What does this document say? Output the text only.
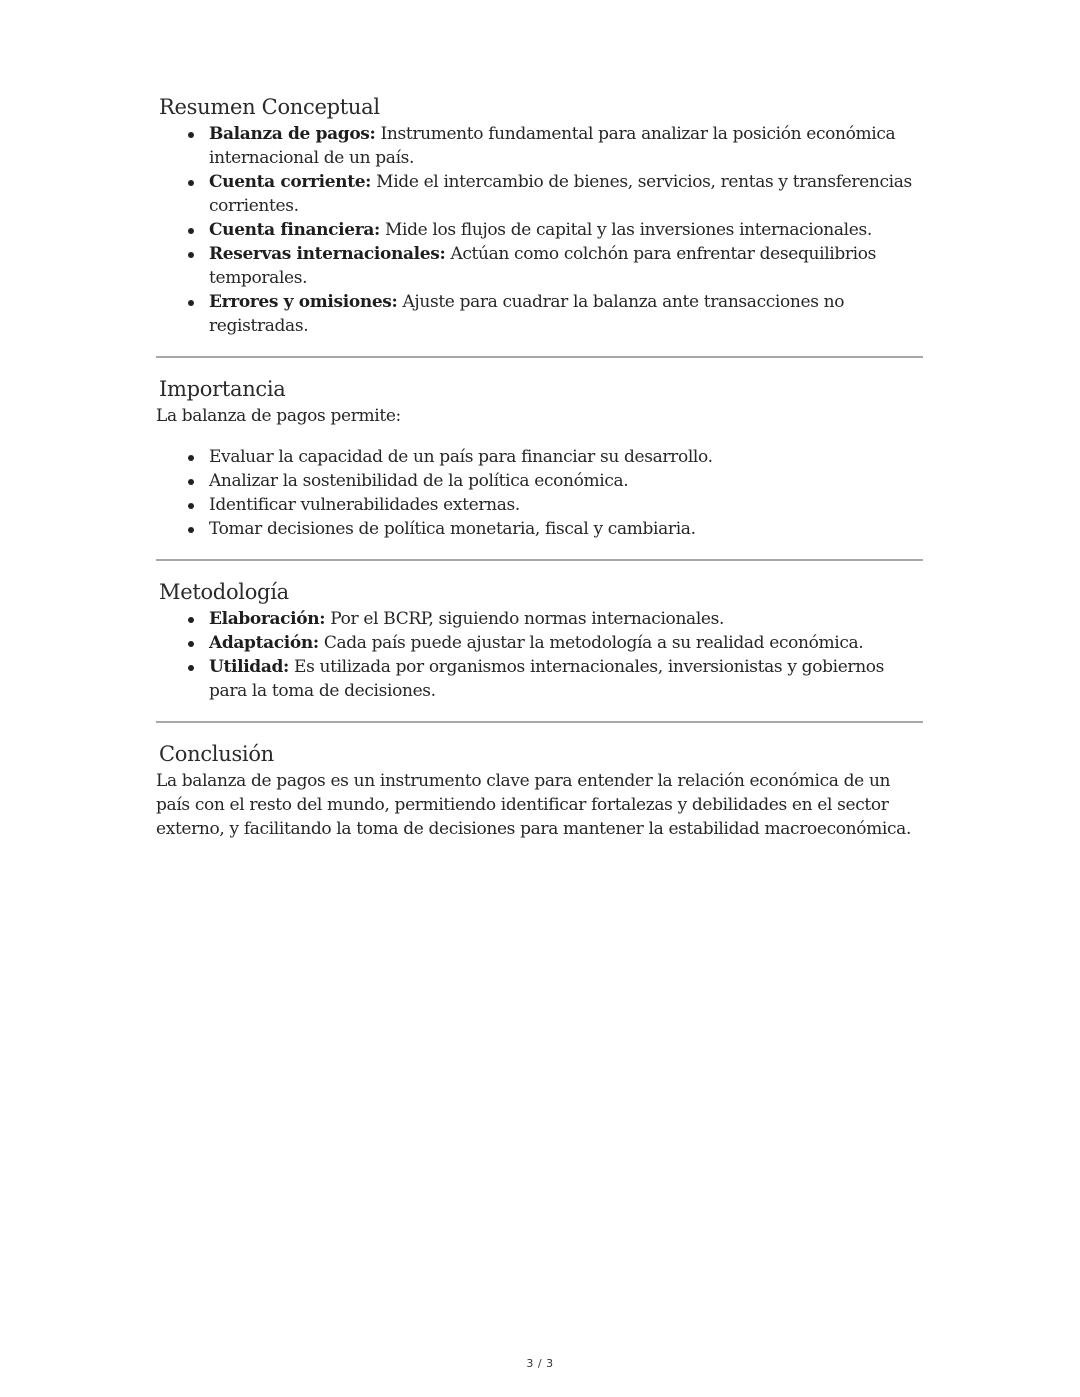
Resumen Conceptual
Balanza de pagos: Instrumento fundamental para analizar la posición económica internacional de un país.
Cuenta corriente: Mide el intercambio de bienes, servicios, rentas y transferencias corrientes.
Cuenta financiera: Mide los flujos de capital y las inversiones internacionales.
Reservas internacionales: Actúan como colchón para enfrentar desequilibrios temporales.
Errores y omisiones: Ajuste para cuadrar la balanza ante transacciones no registradas.
Importancia

La balanza de pagos permite:

Evaluar la capacidad de un país para financiar su desarrollo.
Analizar la sostenibilidad de la política económica.
Identificar vulnerabilidades externas.
Tomar decisiones de política monetaria, fiscal y cambiaria.
Metodología
Elaboración: Por el BCRP, siguiendo normas internacionales.
Adaptación: Cada país puede ajustar la metodología a su realidad económica.
Utilidad: Es utilizada por organismos internacionales, inversionistas y gobiernos para la toma de decisiones.
Conclusión

La balanza de pagos es un instrumento clave para entender la relación económica de un país con el resto del mundo, permitiendo identificar fortalezas y debilidades en el sector externo, y facilitando la toma de decisiones para mantener la estabilidad macroeconómica.

3 / 3
